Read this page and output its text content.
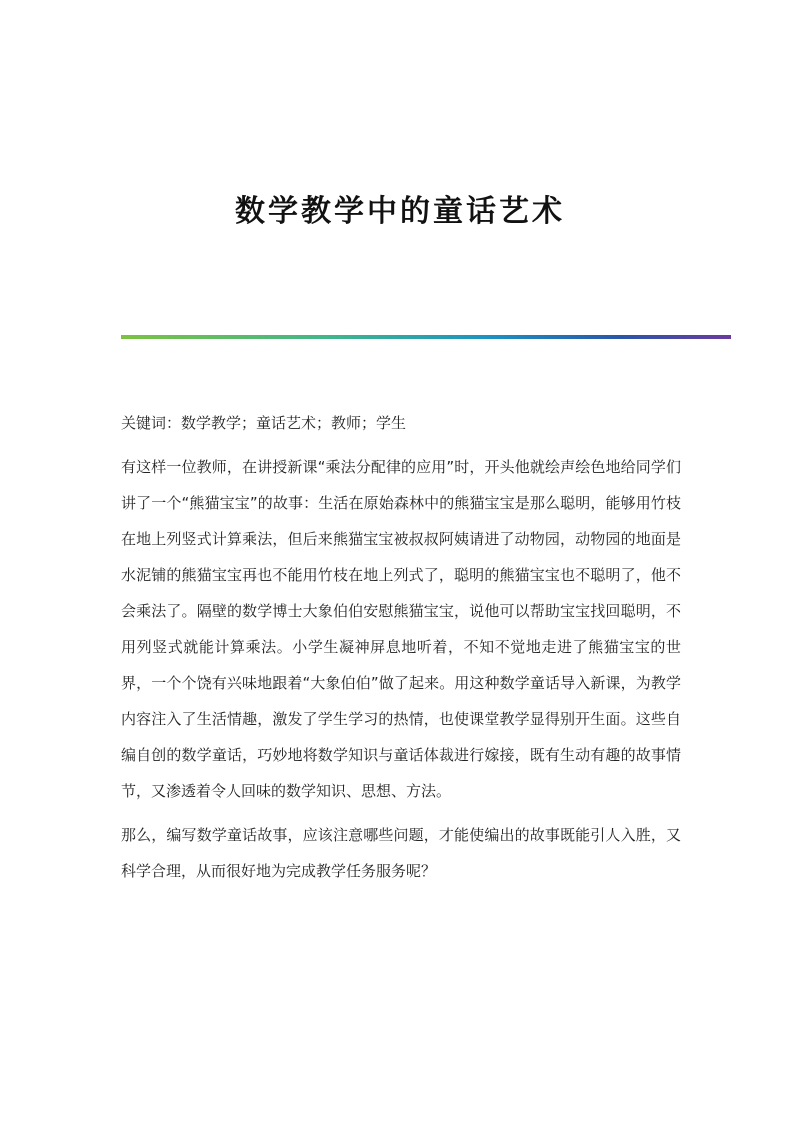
数学教学中的童话艺术

关键词：数学教学；童话艺术；教师；学生

有这样一位教师，在讲授新课“乘法分配律的应用”时，开头他就绘声绘色地给同学们讲了一个“熊猫宝宝”的故事：生活在原始森林中的熊猫宝宝是那么聪明，能够用竹枝在地上列竖式计算乘法，但后来熊猫宝宝被叔叔阿姨请进了动物园，动物园的地面是水泥铺的熊猫宝宝再也不能用竹枝在地上列式了，聪明的熊猫宝宝也不聪明了，他不会乘法了。隔壁的数学博士大象伯伯安慰熊猫宝宝，说他可以帮助宝宝找回聪明，不用列竖式就能计算乘法。小学生凝神屏息地听着，不知不觉地走进了熊猫宝宝的世界，一个个饶有兴味地跟着“大象伯伯”做了起来。用这种数学童话导入新课，为教学内容注入了生活情趣，激发了学生学习的热情，也使课堂教学显得别开生面。这些自编自创的数学童话，巧妙地将数学知识与童话体裁进行嫁接，既有生动有趣的故事情节，又渗透着令人回味的数学知识、思想、方法。

那么，编写数学童话故事，应该注意哪些问题，才能使编出的故事既能引人入胜，又科学合理，从而很好地为完成教学任务服务呢？
